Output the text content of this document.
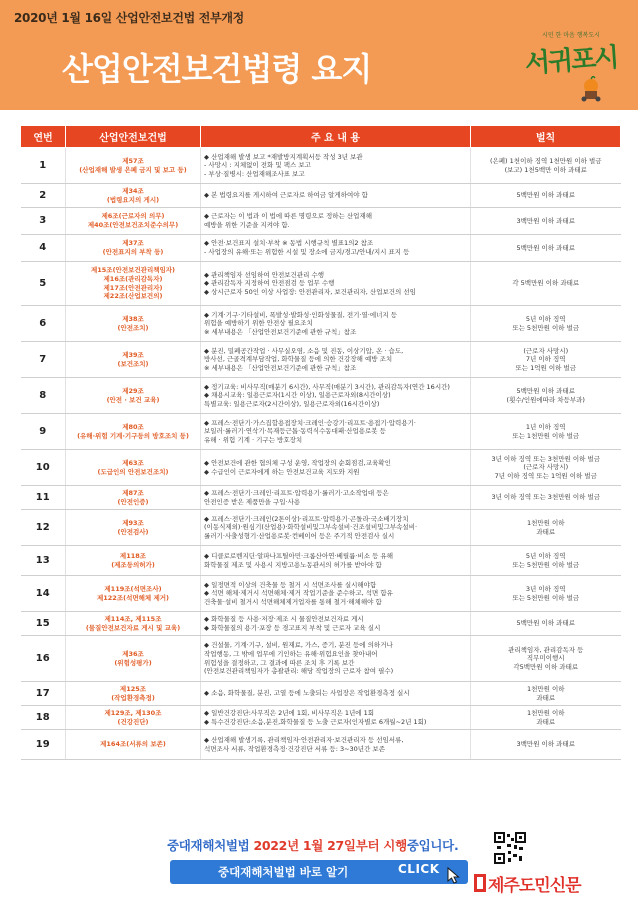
2020년 1월 16일 산업안전보건법 전부개정
산업안전보건법령 요지
시민 한 마음 행복도시
서귀포시
연번	산업안전보건법	주 요 내 용	벌칙
1	제57조
(산업재해 발생 은폐 금지 및 보고 등)	◆ 산업재해 발생 보고 *재발방지계획서등 작성 3년 보관
- 사망시 : 지체없이 전화 및 팩스 보고
- 부상·질병시: 산업재해조사표 보고	(은폐) 1천이하 징역 1천만원 이하 벌금
(보고) 1천5백만 이하 과태료

2	제34조
(법령요지의 게시)	◆ 본 법령요지를 게시하여 근로자로 하여금 알게하여야 함	5백만원 이하 과태료

3	제6조(근로자의 의무)
제40조(안전보건조치준수의무)	◆ 근로자는 이 법과 이 법에 따른 명령으로 정하는 산업재해
예방을 위한 기준을 지켜야 함.	3백만원 이하 과태료

4	제37조
(안전표지의 부착 등)	◆ 안전·보건표지 설치·부착 ※ 동법 시행규칙 별표1의2 참조
- 사업장의 유해·또는 위험한 시설 및 장소에 금지/경고/안내/지시 표지 등	5백만원 이하 과태료

5	제15조(안전보건관리책임자)
제16조(관리감독자)
제17조(안전관리자)
제22조(산업보건의)	◆ 관리책임자 선임하여 안전보건관리 수행
◆ 관리감독자 지정하여 안전점검 등 업무 수행
◆ 상시근로자 50인 이상 사업장: 안전관리자, 보건관리자, 산업보건의 선임	각 5백만원 이하 과태료

6	제38조
(안전조치)	◆ 기계·기구·기타설비, 폭발성·발화성·인화성물질, 전기·열·에너지 등
위험을 예방하기 위한 안전상 필요조치
※ 세부내용은 「산업안전보건기준에 관한 규칙」참조	5년 이하 징역
또는 5천만원 이하 벌금

7	제39조
(보건조치)	◆ 분진, 밀폐공간작업 · 사무실오염, 소음 및 진동, 이상기압, 온 · 습도,
방사선, 근골격계부담작업, 화학물질 등에 의한 건강장해 예방 조치
※ 세부내용은 「산업안전보건기준에 관한 규칙」참조	(근로자 사망시)
7년 이하 징역
또는 1억원 이하 벌금

8	제29조
(안전 · 보건 교육)	◆ 정기교육: 비사무직(매분기 6시간), 사무직(매분기 3시간), 관리감독자(연간 16시간)
◆ 채용시교육: 일용근로자(1시간 이상), 일용근로자외(8시간이상)
특별교육: 일용근로자(2시간이상), 일용근로자외(16시간이상)	5백만원 이하 과태료
(횟수/인원에따라 차등부과)

9	제80조
(유해·위험 기계·기구등의 방호조치 등)	◆ 프레스·전단기·가스집합용접장치·크레인·승강기·리프트·용접기·압력용기·
보일러·롤러기·연삭기·목재등근톱·동력식수동대패·산업용로봇 등
유해 · 위험 기계 · 기구는 방호장치	1년 이하 징역
또는 1천만원 이하 벌금

10	제63조
(도급인의 안전보건조치)	◆ 안전보건에 관한 협의체 구성 운영, 작업장의 순회점검,교육확인
◆ 수급인이 근로자에게 하는 안전보건교육 지도와 지원	3년 이하 징역 또는 3천만원 이하 벌금
(근로자 사망시)
7년 이하 징역 또는 1억원 이하 벌금

11	제87조
(안전인증)	◆ 프레스·전단기·크레인·리프트·압력용기·롤러기·고소작업대 등은
안전인증 받은 제품만을 구입·사용	3년 이하 징역 또는 3천만원 이하 벌금

12	제93조
(안전검사)	◆ 프레스·전단기·크레인(2톤이상)·리프트·압력용기·곤돌라·국소배기장치
(이동식제외)·원심기(산업용)·화학설비및그부속설비·건조설비및그부속설비·
롤러기·사출성형기·산업용로봇·컨베이어 등은 주기적 안전검사 실시	1천만원 이하
과태료

13	제118조
(제조등의허가)	◆ 디클로로벤지딘·알파나프틸아민·크롬산아연·베릴륨·비소 등 유해
화학물질 제조 및 사용시 지방고용노동관서의 허가를 받아야 함	5년 이하 징역
또는 5천만원 이하 벌금

14	제119조(석면조사)
제122조(석면해체 제거)	◆ 일정면적 이상의 건축물 등 철거 시 석면조사를 실시해야함
◆ 석면 해체·제거시 석면해체·제거 작업기준을 준수하고, 석면 함유
건축물·설비 철거시 석면해체제거업자를 통해 철거·해체해야 함	3년 이하 징역
또는 5천만원 이하 벌금

15	제114조, 제115조
(물질안전보건자료 게시 및 교육)	◆ 화학물질 등 사용·저장·제조 시 물질안전보건자료 게시
◆ 화학물질의 용기·포장 등 경고표지 부착 및 근로자 교육 실시	5백만원 이하 과태료

16	제36조
(위험성평가)	◆ 건설물, 기계·기구, 설비, 원재료, 가스, 증기, 분진 등에 의하거나
작업행동, 그 밖에 업무에 기인하는 유해·위험요인을 찾아내어
위험성을 결정하고, 그 결과에 따른 조치 후 기록 보간
(안전보건관리책임자가 총괄관리: 해당 작업장의 근로자 참여 필수)	관리책임자, 관리감독자 등
직무미이행시
각5백만원 이하 과태료

17	제125조
(작업환경측정)	◆ 소음, 화학물질, 분진, 고열 등에 노출되는 사업장은 작업환경측정 실시	1천만원 이하
과태료

18	제129조, 제130조
(건강진단)	◆ 일반건강진단:사무직은 2년에 1회, 비사무직은 1년에 1회
◆ 특수건강진단:소음,분진,화학물질 등 노출 근로자(인자별로 6개월~2년 1회)	1천만원 이하
과태료

19	제164조(서류의 보존)	◆ 산업재해 발생기록, 관리책임자·안전관리자·보건관리자 등 선임서류,
석면조사 서류, 작업환경측정·건강진단 서류 등: 3~30년간 보존	3백만원 이하 과태료
중대재해처벌법 2022년 1월 27일부터 시행중입니다.
중대재해처벌법 바로 알기	CLICK
제주도민신문
